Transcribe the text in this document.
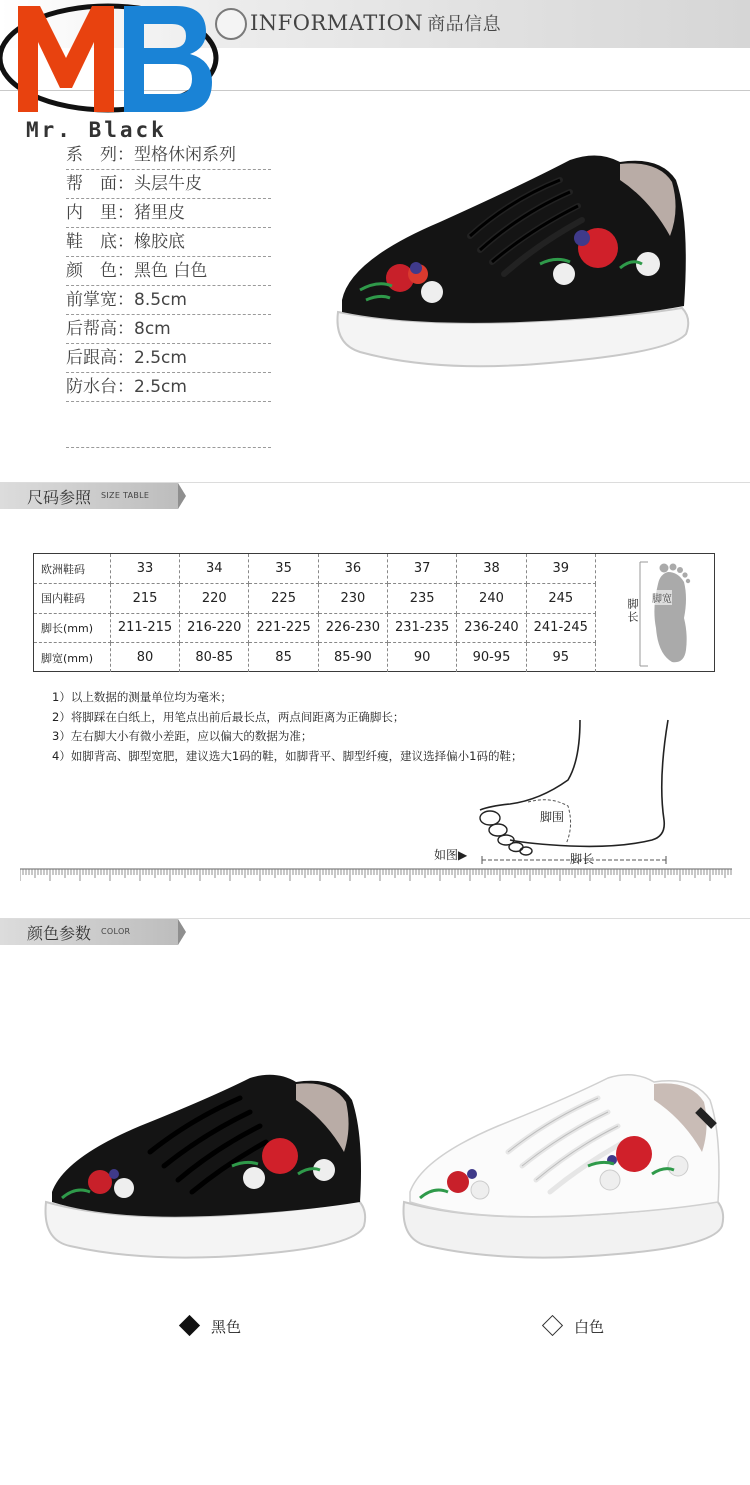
INFORMATION 商品信息
Mr. Black
系　列：型格休闲系列
帮　面：头层牛皮
内　里：猪里皮
鞋　底：橡胶底
颜　色：黑色 白色
前掌宽：8.5cm
后帮高：8cm
后跟高：2.5cm
防水台：2.5cm
尺码参照 SIZE TABLE
欧洲鞋码	33	34	35	36	37	38	39
国内鞋码	215	220	225	230	235	240	245
脚长(mm)	211-215	216-220	221-225	226-230	231-235	236-240	241-245
脚宽(mm)	80	80-85	85	85-90	90	90-95	95
脚长 脚宽
1）以上数据的测量单位均为毫米；
2）将脚踩在白纸上，用笔点出前后最长点，两点间距离为正确脚长；
3）左右脚大小有微小差距，应以偏大的数据为准；
4）如脚背高、脚型宽肥，建议选大1码的鞋，如脚背平、脚型纤瘦，建议选择偏小1码的鞋；
脚围
脚长
如图▶
颜色参数 COLOR
黑色	白色
